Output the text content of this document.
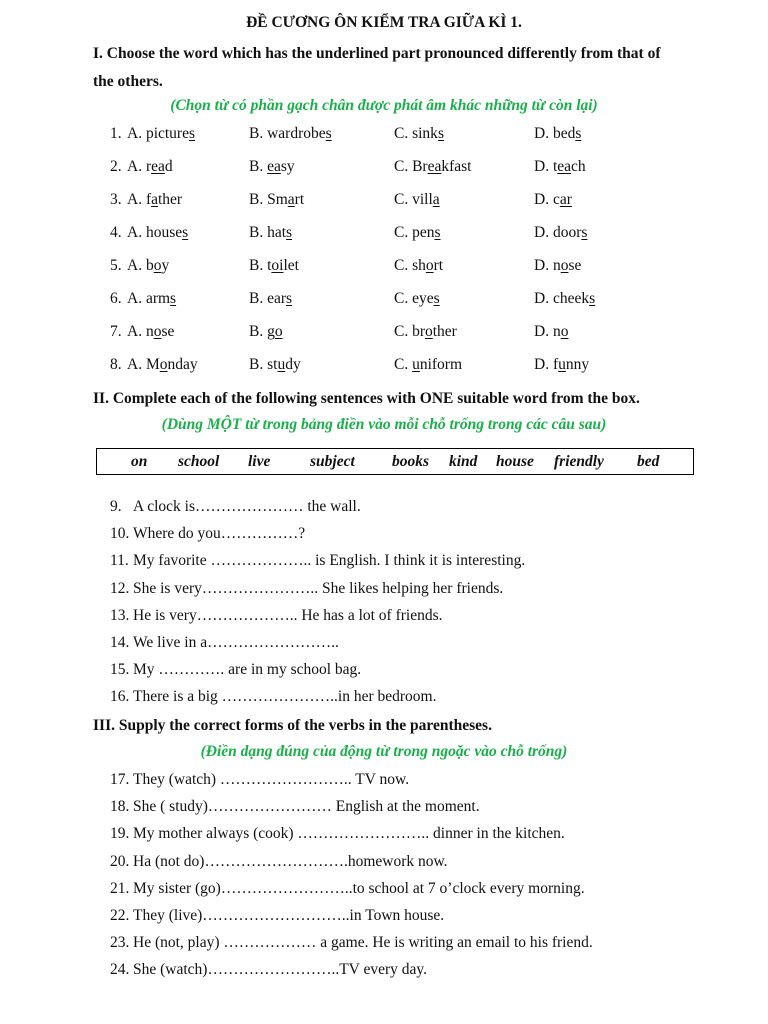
ĐỀ CƯƠNG ÔN KIỂM TRA GIỮA KÌ 1.
I. Choose the word which has the underlined part pronounced differently from that of
the others.
(Chọn từ có phần gạch chân được phát âm khác những từ còn lại)
1. A. pictures	B. wardrobes	C. sinks	D. beds
2. A. read	B. easy	C. Breakfast	D. teach
3. A. father	B. Smart	C. villa	D. car
4. A. houses	B. hats	C. pens	D. doors
5. A. boy	B. toilet	C. short	D. nose
6. A. arms	B. ears	C. eyes	D. cheeks
7. A. nose	B. go	C. brother	D. no
8. A. Monday	B. study	C. uniform	D. funny
II. Complete each of the following sentences with ONE suitable word from the box.
(Dùng MỘT từ trong bảng điền vào mỗi chỗ trống trong các câu sau)
on school live	subject books kind house friendly bed
9. A clock is………………… the wall.
10. Where do you……………?
11. My favorite ……………….. is English. I think it is interesting.
12. She is very………………….. She likes helping her friends.
13. He is very……………….. He has a lot of friends.
14. We live in a……………………..
15. My …………. are in my school bag.
16. There is a big …………………..in her bedroom.
III. Supply the correct forms of the verbs in the parentheses.
(Điền dạng đúng của động từ trong ngoặc vào chỗ trống)
17. They (watch) …………………….. TV now.
18. She ( study)…………………… English at the moment.
19. My mother always (cook) …………………….. dinner in the kitchen.
20. Ha (not do)……………………….homework now.
21. My sister (go)……………………..to school at 7 o’clock every morning.
22. They (live)………………………..in Town house.
23. He (not, play) ……………… a game. He is writing an email to his friend.
24. She (watch)……………………..TV every day.
